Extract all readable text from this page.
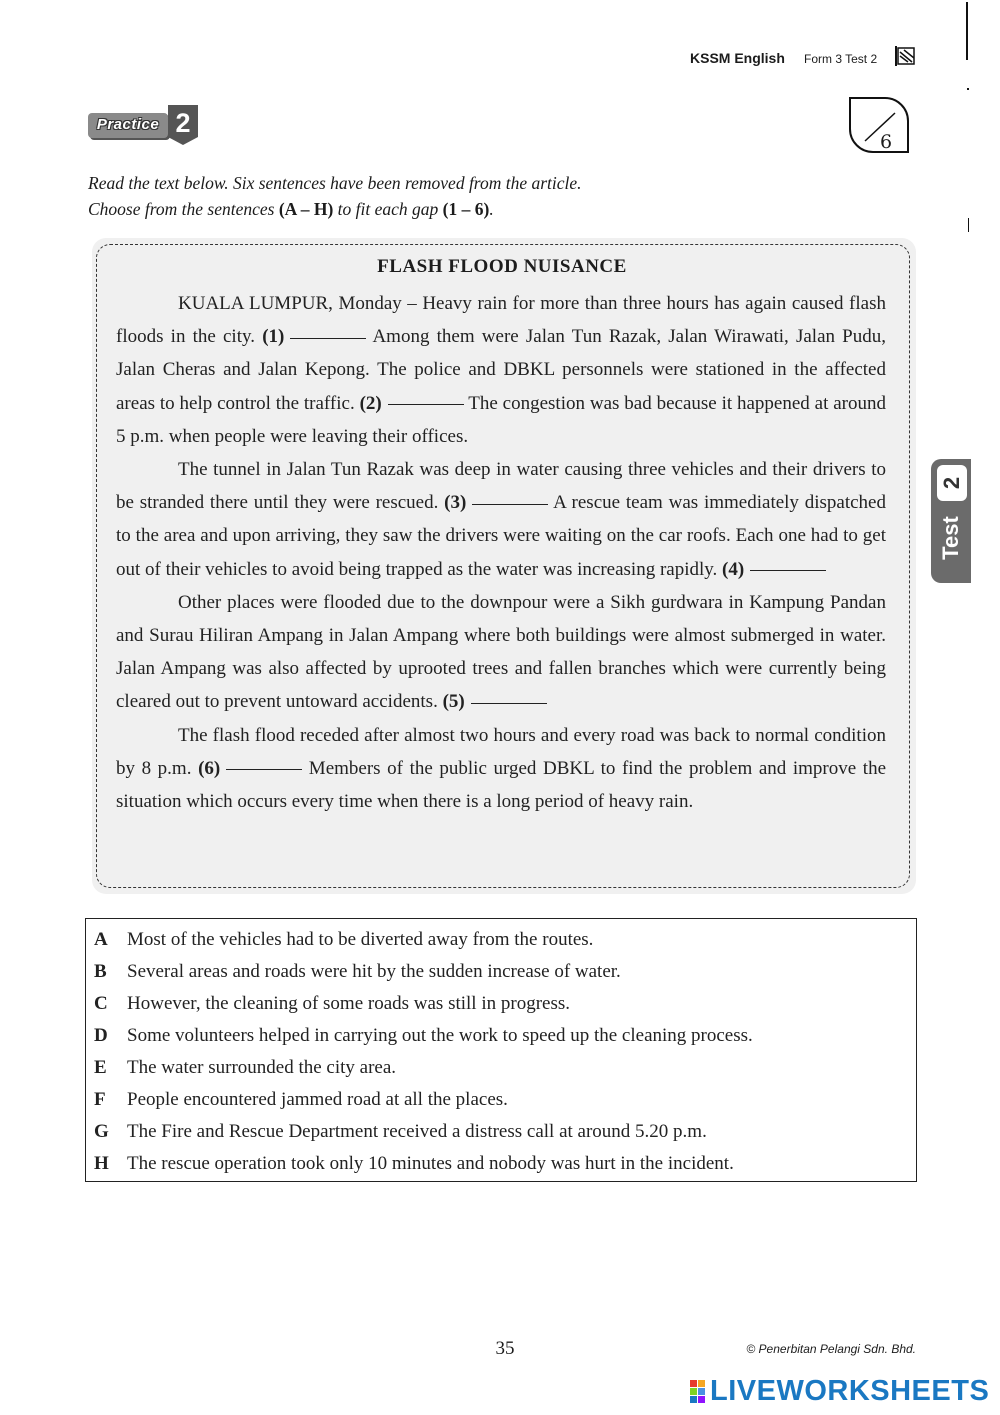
KSSM English Form 3 Test 2
Practice 2
6
Read the text below. Six sentences have been removed from the article.
Choose from the sentences (A – H) to fit each gap (1 – 6).
FLASH FLOOD NUISANCE

KUALA LUMPUR, Monday – Heavy rain for more than three hours has again caused flash floods in the city. (1)	Among them were Jalan Tun Razak, Jalan Wirawati, Jalan Pudu, Jalan Cheras and Jalan Kepong. The police and DBKL personnels were stationed in the affected areas to help control the traffic. (2)	The congestion was bad because it happened at around 5 p.m. when people were leaving their offices.

The tunnel in Jalan Tun Razak was deep in water causing three vehicles and their drivers to be stranded there until they were rescued. (3)	A rescue team was immediately dispatched to the area and upon arriving, they saw the drivers were waiting on the car roofs. Each one had to get out of their vehicles to avoid being trapped as the water was increasing rapidly. (4)

Other places were flooded due to the downpour were a Sikh gurdwara in Kampung Pandan and Surau Hiliran Ampang in Jalan Ampang where both buildings were almost submerged in water. Jalan Ampang was also affected by uprooted trees and fallen branches which were currently being cleared out to prevent untoward accidents. (5)

The flash flood receded after almost two hours and every road was back to normal condition by 8 p.m. (6)	Members of the public urged DBKL to find the problem and improve the situation which occurs every time when there is a long period of heavy rain.

A Most of the vehicles had to be diverted away from the routes.
B Several areas and roads were hit by the sudden increase of water.
C However, the cleaning of some roads was still in progress.
D Some volunteers helped in carrying out the work to speed up the cleaning process.
E The water surrounded the city area.
F People encountered jammed road at all the places.
G The Fire and Rescue Department received a distress call at around 5.20 p.m.
H The rescue operation took only 10 minutes and nobody was hurt in the incident.
2
Test
35	© Penerbitan Pelangi Sdn. Bhd.
LIVEWORKSHEETS
